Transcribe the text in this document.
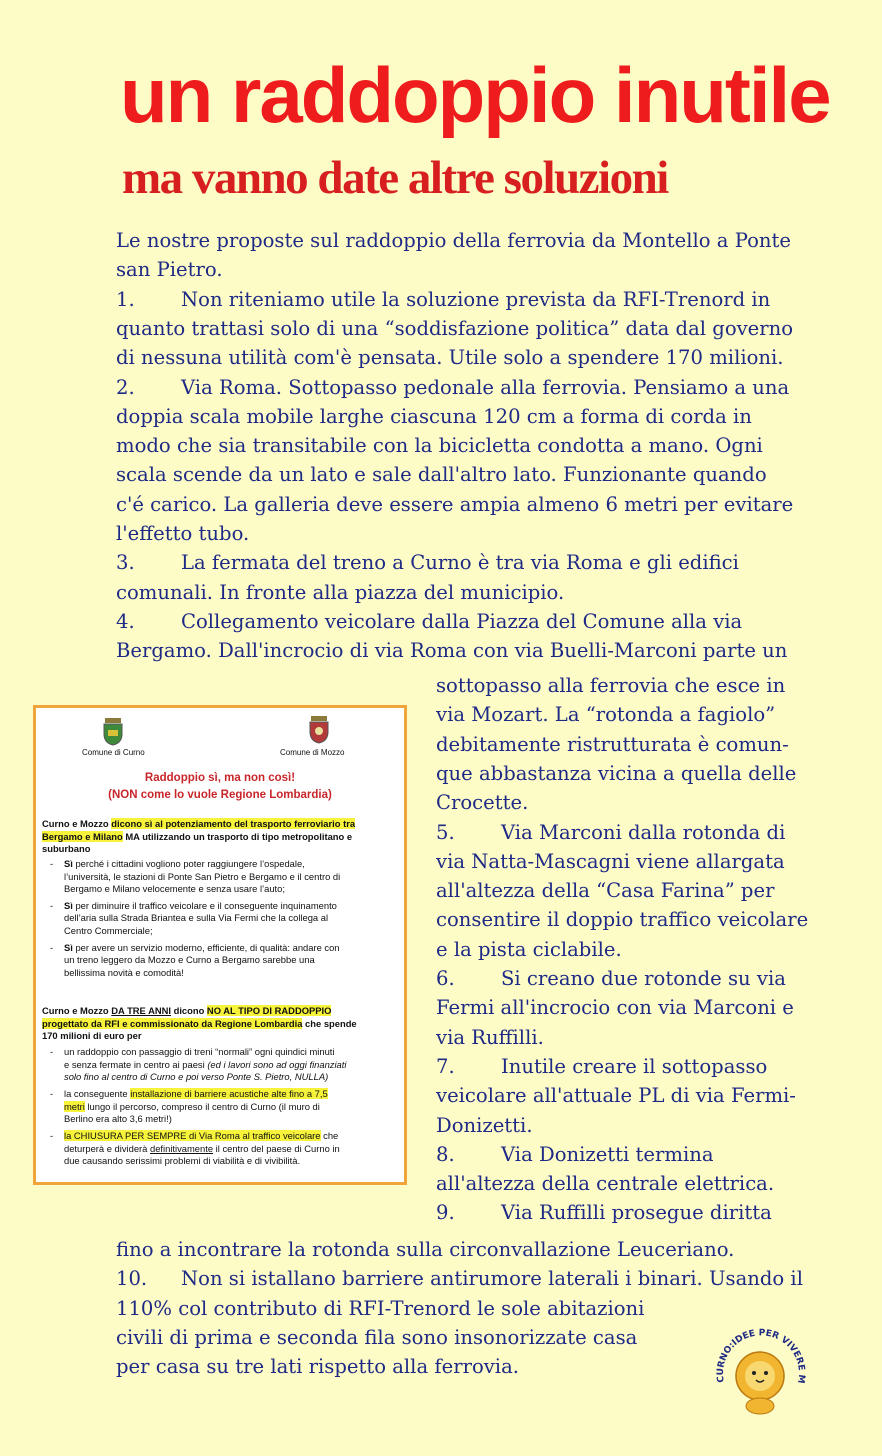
un raddoppio inutile
ma vanno date altre soluzioni
Le nostre proposte sul raddoppio della ferrovia da Montello a Ponte
san Pietro.
1. Non riteniamo utile la soluzione prevista da RFI-Trenord in
quanto trattasi solo di una “soddisfazione politica” data dal governo
di nessuna utilità com'è pensata. Utile solo a spendere 170 milioni.
2. Via Roma. Sottopasso pedonale alla ferrovia. Pensiamo a una
doppia scala mobile larghe ciascuna 120 cm a forma di corda in
modo che sia transitabile con la bicicletta condotta a mano. Ogni
scala scende da un lato e sale dall'altro lato. Funzionante quando
c'é carico. La galleria deve essere ampia almeno 6 metri per evitare
l'effetto tubo.
3. La fermata del treno a Curno è tra via Roma e gli edifici
comunali. In fronte alla piazza del municipio.
4. Collegamento veicolare dalla Piazza del Comune alla via
Bergamo. Dall'incrocio di via Roma con via Buelli-Marconi parte un
sottopasso alla ferrovia che esce in
via Mozart. La “rotonda a fagiolo”
debitamente ristrutturata è comun-
que abbastanza vicina a quella delle
Crocette.
5. Via Marconi dalla rotonda di
via Natta-Mascagni viene allargata
all'altezza della “Casa Farina” per
consentire il doppio traffico veicolare
e la pista ciclabile.
6. Si creano due rotonde su via
Fermi all'incrocio con via Marconi e
via Ruffilli.
7. Inutile creare il sottopasso
veicolare all'attuale PL di via Fermi-
Donizetti.
8. Via Donizetti termina
all'altezza della centrale elettrica.
9. Via Ruffilli prosegue diritta
fino a incontrare la rotonda sulla circonvallazione Leuceriano.
10. Non si istallano barriere antirumore laterali i binari. Usando il
110% col contributo di RFI-Trenord le sole abitazioni
civili di prima e seconda fila sono insonorizzate casa
per casa su tre lati rispetto alla ferrovia.
Comune di Curno	Comune di Mozzo
Raddoppio sì, ma non così!
(NON come lo vuole Regione Lombardia)
Curno e Mozzo dicono sì al potenziamento del trasporto ferroviario tra
Bergamo e Milano MA utilizzando un trasporto di tipo metropolitano e
suburbano
- Sì perché i cittadini vogliono poter raggiungere l’ospedale,
l’università, le stazioni di Ponte San Pietro e Bergamo e il centro di
Bergamo e Milano velocemente e senza usare l’auto;
- Sì per diminuire il traffico veicolare e il conseguente inquinamento
dell’aria sulla Strada Briantea e sulla Via Fermi che la collega al
Centro Commerciale;
- Sì per avere un servizio moderno, efficiente, di qualità: andare con
un treno leggero da Mozzo e Curno a Bergamo sarebbe una
bellissima novità e comodità!
Curno e Mozzo DA TRE ANNI dicono NO AL TIPO DI RADDOPPIO
progettato da RFI e commissionato da Regione Lombardia che spende
170 milioni di euro per
- un raddoppio con passaggio di treni “normali” ogni quindici minuti
e senza fermate in centro ai paesi (ed i lavori sono ad oggi finanziati
solo fino al centro di Curno e poi verso Ponte S. Pietro, NULLA)
- la conseguente installazione di barriere acustiche alte fino a 7,5
metri lungo il percorso, compreso il centro di Curno (il muro di
Berlino era alto 3,6 metri!)
- la CHIUSURA PER SEMPRE di Via Roma al traffico veicolare che
deturperà e dividerà definitivamente il centro del paese di Curno in
due causando serissimi problemi di viabilità e di vivibilità.
CURNO:IDEE PER VIVERE M
